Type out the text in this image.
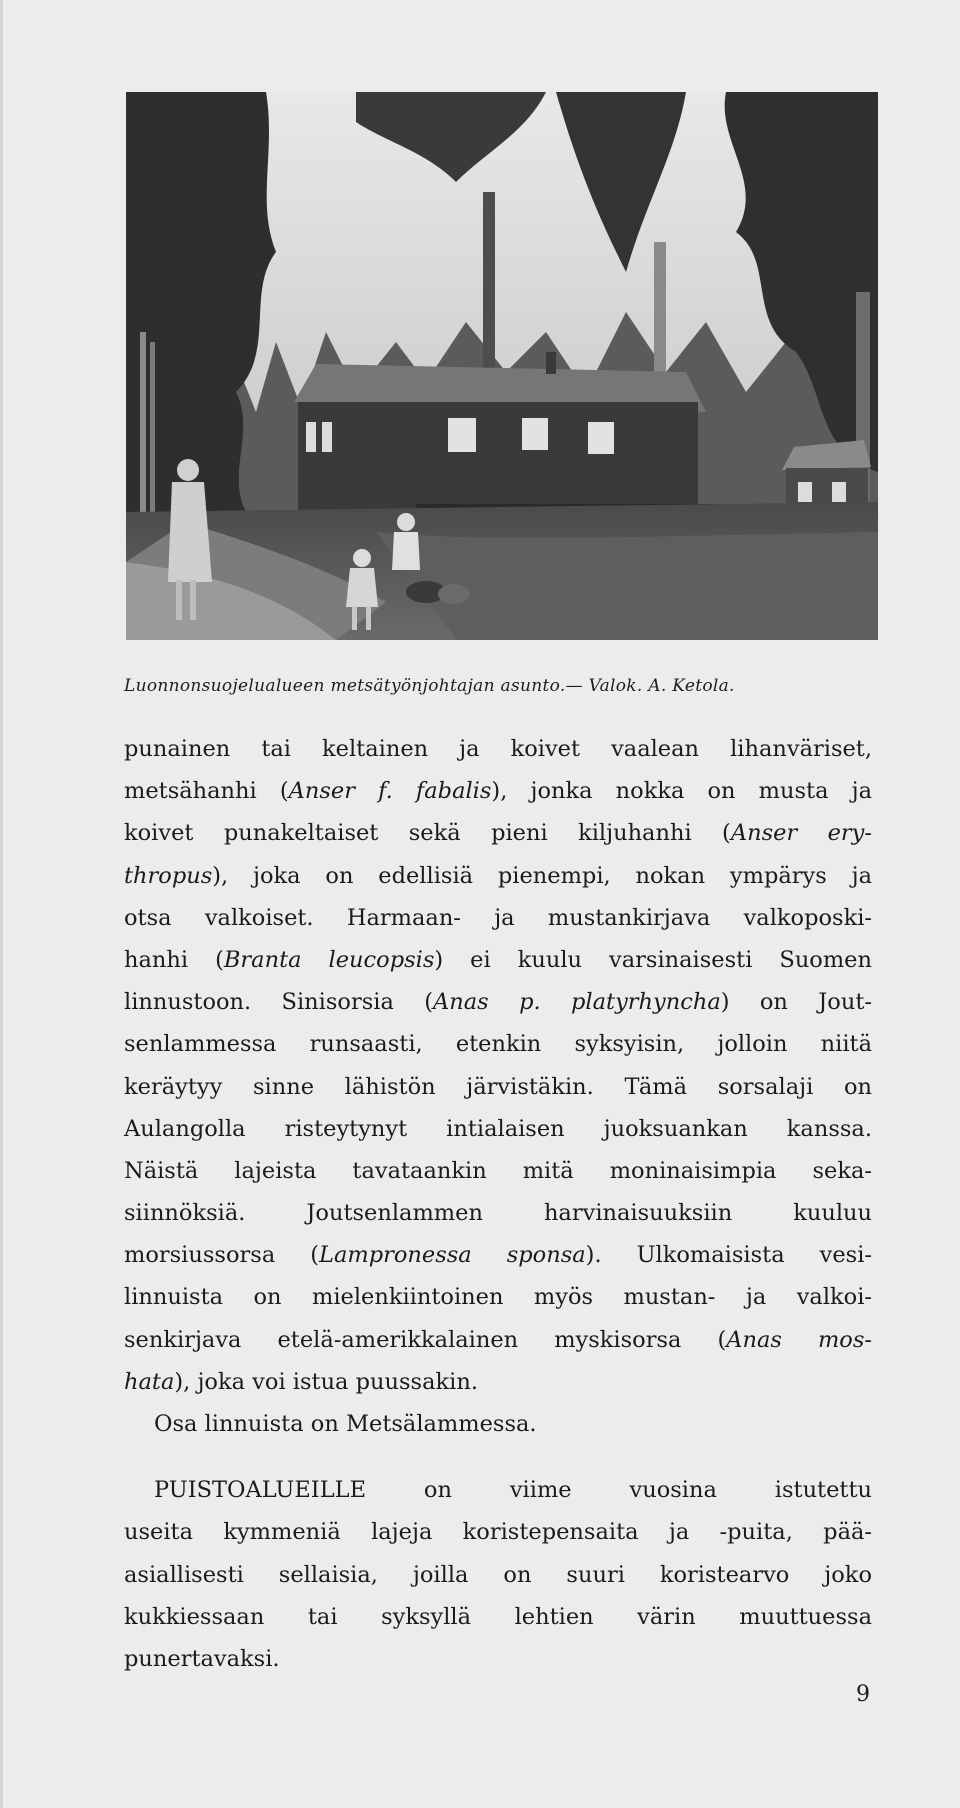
Luonnonsuojelualueen metsätyönjohtajan asunto.— Valok. A. Ketola.
punainen tai keltainen ja koivet vaalean lihanväriset,
metsähanhi (Anser f. fabalis), jonka nokka on musta ja
koivet punakeltaiset sekä pieni kiljuhanhi (Anser ery-
thropus), joka on edellisiä pienempi, nokan ympärys ja
otsa valkoiset. Harmaan- ja mustankirjava valkoposki-
hanhi (Branta leucopsis) ei kuulu varsinaisesti Suomen
linnustoon. Sinisorsia (Anas p. platyrhyncha) on Jout-
senlammessa runsaasti, etenkin syksyisin, jolloin niitä
keräytyy sinne lähistön järvistäkin. Tämä sorsalaji on
Aulangolla risteytynyt intialaisen juoksuankan kanssa.
Näistä lajeista tavataankin mitä moninaisimpia seka-
siinnöksiä. Joutsenlammen harvinaisuuksiin kuuluu
morsiussorsa (Lampronessa sponsa). Ulkomaisista vesi-
linnuista on mielenkiintoinen myös mustan- ja valkoi-
senkirjava etelä-amerikkalainen myskisorsa (Anas mos-
hata), joka voi istua puussakin.
Osa linnuista on Metsälammessa.
PUISTOALUEILLE on viime vuosina istutettu
useita kymmeniä lajeja koristepensaita ja -puita, pää-
asiallisesti sellaisia, joilla on suuri koristearvo joko
kukkiessaan tai syksyllä lehtien värin muuttuessa
punertavaksi.
9
